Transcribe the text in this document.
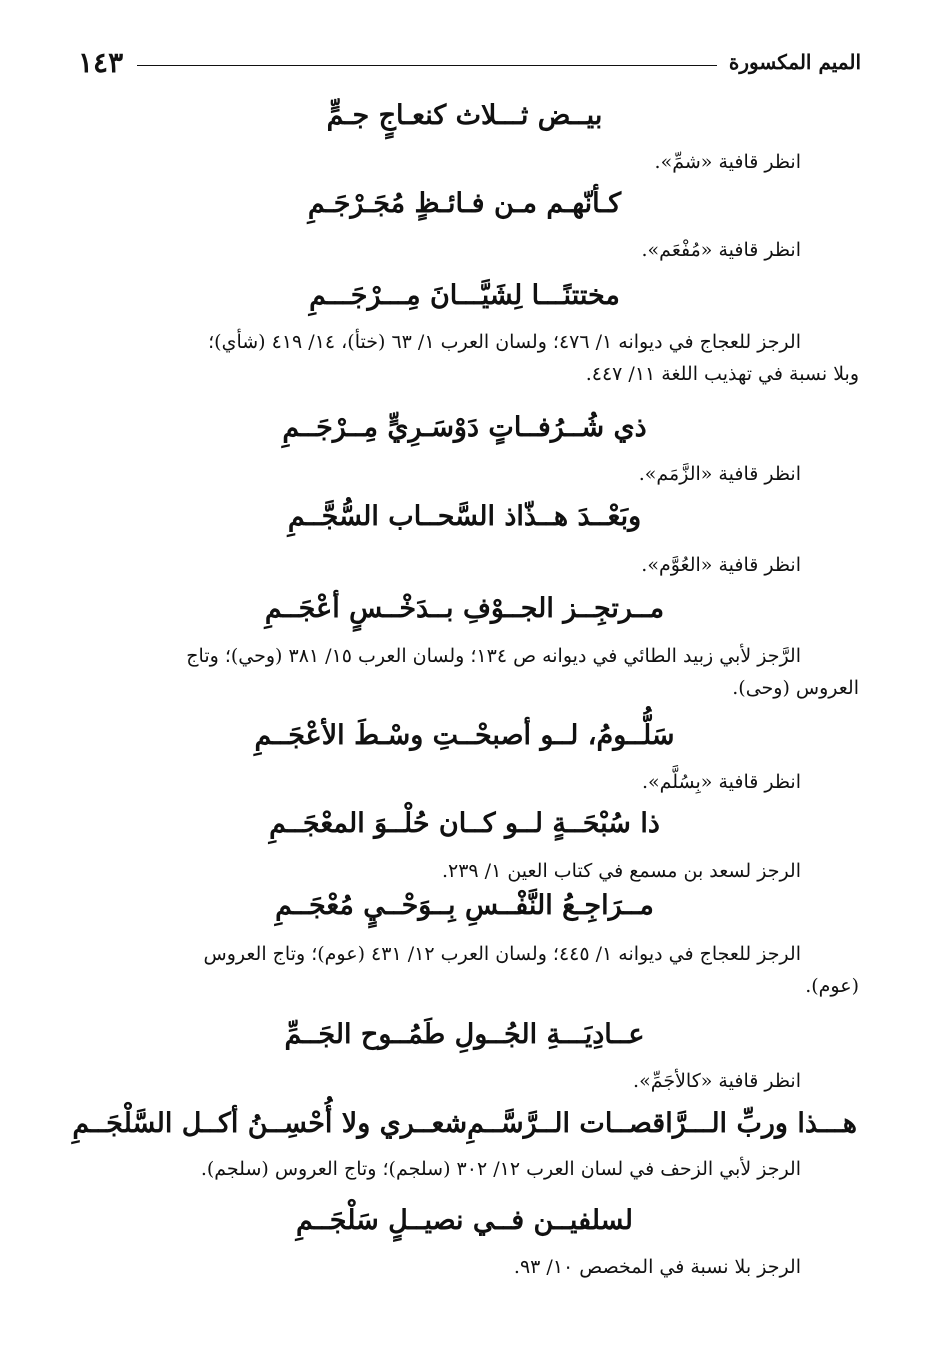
الميم المكسورة
١٤٣
بيــض ثـــلاث كنعـاجٍ جـمٍّ
انظر قافية «شمِّ».
كـأنّهـم مـن فـائـظٍ مُجَـرْجَـمِ
انظر قافية «مُفْعَم».
مختتنًـــا لِشَيَّـــانَ مِـــرْجَـــمِ
الرجز للعجاج في ديوانه ١/ ٤٧٦؛ ولسان العرب ١/ ٦٣ (ختأ)، ١٤/ ٤١٩ (شأي)؛
وبلا نسبة في تهذيب اللغة ١١/ ٤٤٧.
ذي شُــرُفــاتٍ دَوْسَـرِيٍّ مِــرْجَــمِ
انظر قافية «الزَّمَم».
وبَعْــدَ هــذّاذ السَّحــاب السُّجَّــمِ
انظر قافية «العُوَّم».
مــرتجِــز الجــوْفِ بــدَخْــسٍ أعْجَــمِ
الرَّجز لأبي زبيد الطائي في ديوانه ص ١٣٤؛ ولسان العرب ١٥/ ٣٨١ (وحي)؛ وتاج
العروس (وحى).
سَلُّــومُ، لــو أصبحْــتِ وسْـطَ الأعْجَــمِ
انظر قافية «بِسُلَّم».
ذا سُبْحَــةٍ لــو كــان حُلْــوَ المعْجَــمِ
الرجز لسعد بن مسمع في كتاب العين ١/ ٢٣٩.
مــرَاجِـعُ النَّفْــسِ بِــوَحْــيٍ مُعْجَــمِ
الرجز للعجاج في ديوانه ١/ ٤٤٥؛ ولسان العرب ١٢/ ٤٣١ (عوم)؛ وتاج العروس
(عوم).
عــادِيَـــةِ الجُــولِ طَمُــوح الجَــمِّ
انظر قافية «كالأجَمِّ».
هـــذا وربِّ الـــرَّاقصــات الــرَّسَّــمِ
شعــري ولا أُحْسِــنُ أكــل السَّلْجَــمِ
الرجز لأبي الزحف في لسان العرب ١٢/ ٣٠٢ (سلجم)؛ وتاج العروس (سلجم).
لسلفيــن فــي نصيــلٍ سَلْجَــمِ
الرجز بلا نسبة في المخصص ١٠/ ٩٣.
